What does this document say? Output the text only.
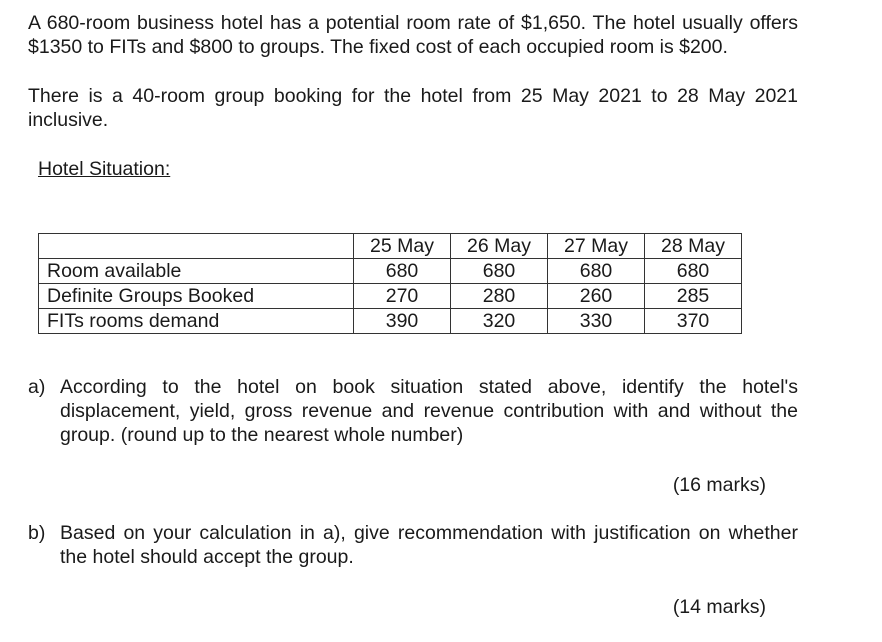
A 680-room business hotel has a potential room rate of $1,650. The hotel usually offers $1350 to FITs and $800 to groups. The fixed cost of each occupied room is $200.

There is a 40-room group booking for the hotel from 25 May 2021 to 28 May 2021 inclusive.

Hotel Situation:
	25 May	26 May	27 May	28 May
Room available	680	680	680	680
Definite Groups Booked	270	280	260	285
FITs rooms demand	390	320	330	370
a) According to the hotel on book situation stated above, identify the hotel's displacement, yield, gross revenue and revenue contribution with and without the group. (round up to the nearest whole number)
(16 marks)
b) Based on your calculation in a), give recommendation with justification on whether the hotel should accept the group.
(14 marks)
